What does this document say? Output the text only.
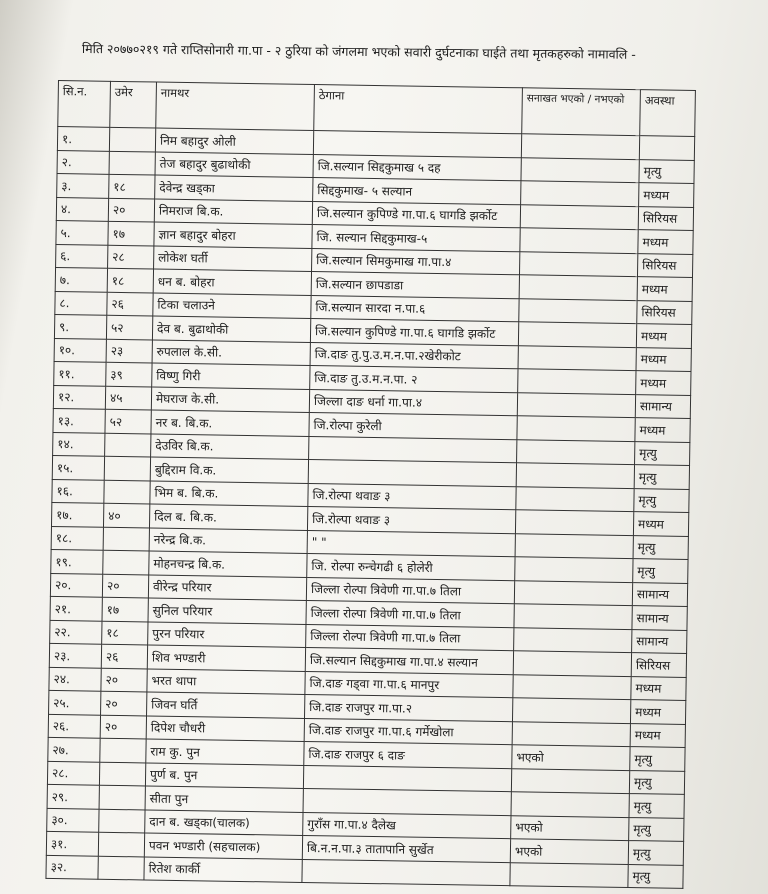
मिति २०७७०२१९ गते राप्तिसोनारी गा.पा - २ ठुरिया को जंगलमा भएको सवारी दुर्घटनाका घाईते तथा मृतकहरुको नामावलि -
सि.न.	उमेर	नामथर	ठेगाना	सनाखत भएको / नभएको	अवस्था
१.		निम बहादुर ओली			
२.		तेज बहादुर बुढाथोकी	जि.सल्यान सिद्दकुमाख ५ दह		मृत्यु
३.	१८	देवेन्द्र खड्का	सिद्दकुमाख- ५ सल्यान		मध्यम
४.	२०	निमराज बि.क.	जि.सल्यान कुपिण्डे गा.पा.६ घागडि झर्कोट		सिरियस
५.	१७	ज्ञान बहादुर बोहरा	जि. सल्यान सिद्दकुमाख-५		मध्यम
६.	२८	लोकेश घर्ती	जि.सल्यान सिमकुमाख गा.पा.४		सिरियस
७.	१८	धन ब. बोहरा	जि.सल्यान छापडाडा		मध्यम
८.	२६	टिका चलाउने	जि.सल्यान सारदा न.पा.६		सिरियस
९.	५२	देव ब. बुढाथोकी	जि.सल्यान कुपिण्डे गा.पा.६ घागडि झर्कोट		मध्यम
१०.	२३	रुपलाल के.सी.	जि.दाङ तु.पु.उ.म.न.पा.२खेरीकोट		मध्यम
११.	३९	विष्णु गिरी	जि.दाङ तु.उ.म.न.पा. २		मध्यम
१२.	४५	मेघराज के.सी.	जिल्ला दाङ धर्ना गा.पा.४		सामान्य
१३.	५२	नर ब. बि.क.	जि.रोल्पा कुरेली		मध्यम
१४.		देउविर बि.क.			मृत्यु
१५.		बुद्दिराम वि.क.			मृत्यु
१६.		भिम ब. बि.क.	जि.रोल्पा थवाङ ३		मृत्यु
१७.	४०	दिल ब. बि.क.	जि.रोल्पा थवाङ ३		मध्यम
१८.		नरेन्द्र बि.क.	" "		मृत्यु
१९.		मोहनचन्द्र बि.क.	जि. रोल्पा रुन्चेगढी ६ होलेरी		मृत्यु
२०.	२०	वीरेन्द्र परियार	जिल्ला रोल्पा त्रिवेणी गा.पा.७ तिला		सामान्य
२१.	१७	सुनिल परियार	जिल्ला रोल्पा त्रिवेणी गा.पा.७ तिला		सामान्य
२२.	१८	पुरन परियार	जिल्ला रोल्पा त्रिवेणी गा.पा.७ तिला		सामान्य
२३.	२६	शिव भण्डारी	जि.सल्यान सिद्दकुमाख गा.पा.४ सल्यान		सिरियस
२४.	२०	भरत थापा	जि.दाङ गड्वा गा.पा.६ मानपुर		मध्यम
२५.	२०	जिवन घर्ति	जि.दाङ राजपुर गा.पा.२		मध्यम
२६.	२०	दिपेश चौधरी	जि.दाङ राजपुर गा.पा.६ गर्मेखोला		मध्यम
२७.		राम कु. पुन	जि.दाङ राजपुर ६ दाङ	भएको	मृत्यु
२८.		पुर्ण ब. पुन			मृत्यु
२९.		सीता पुन			मृत्यु
३०.		दान ब. खड्का(चालक)	गुराँस गा.पा.४ दैलेख	भएको	मृत्यु
३१.		पवन भण्डारी (सहचालक)	बि.न.न.पा.३ तातापानि सुर्खेत	भएको	मृत्यु
३२.		रितेश कार्की			मृत्यु
